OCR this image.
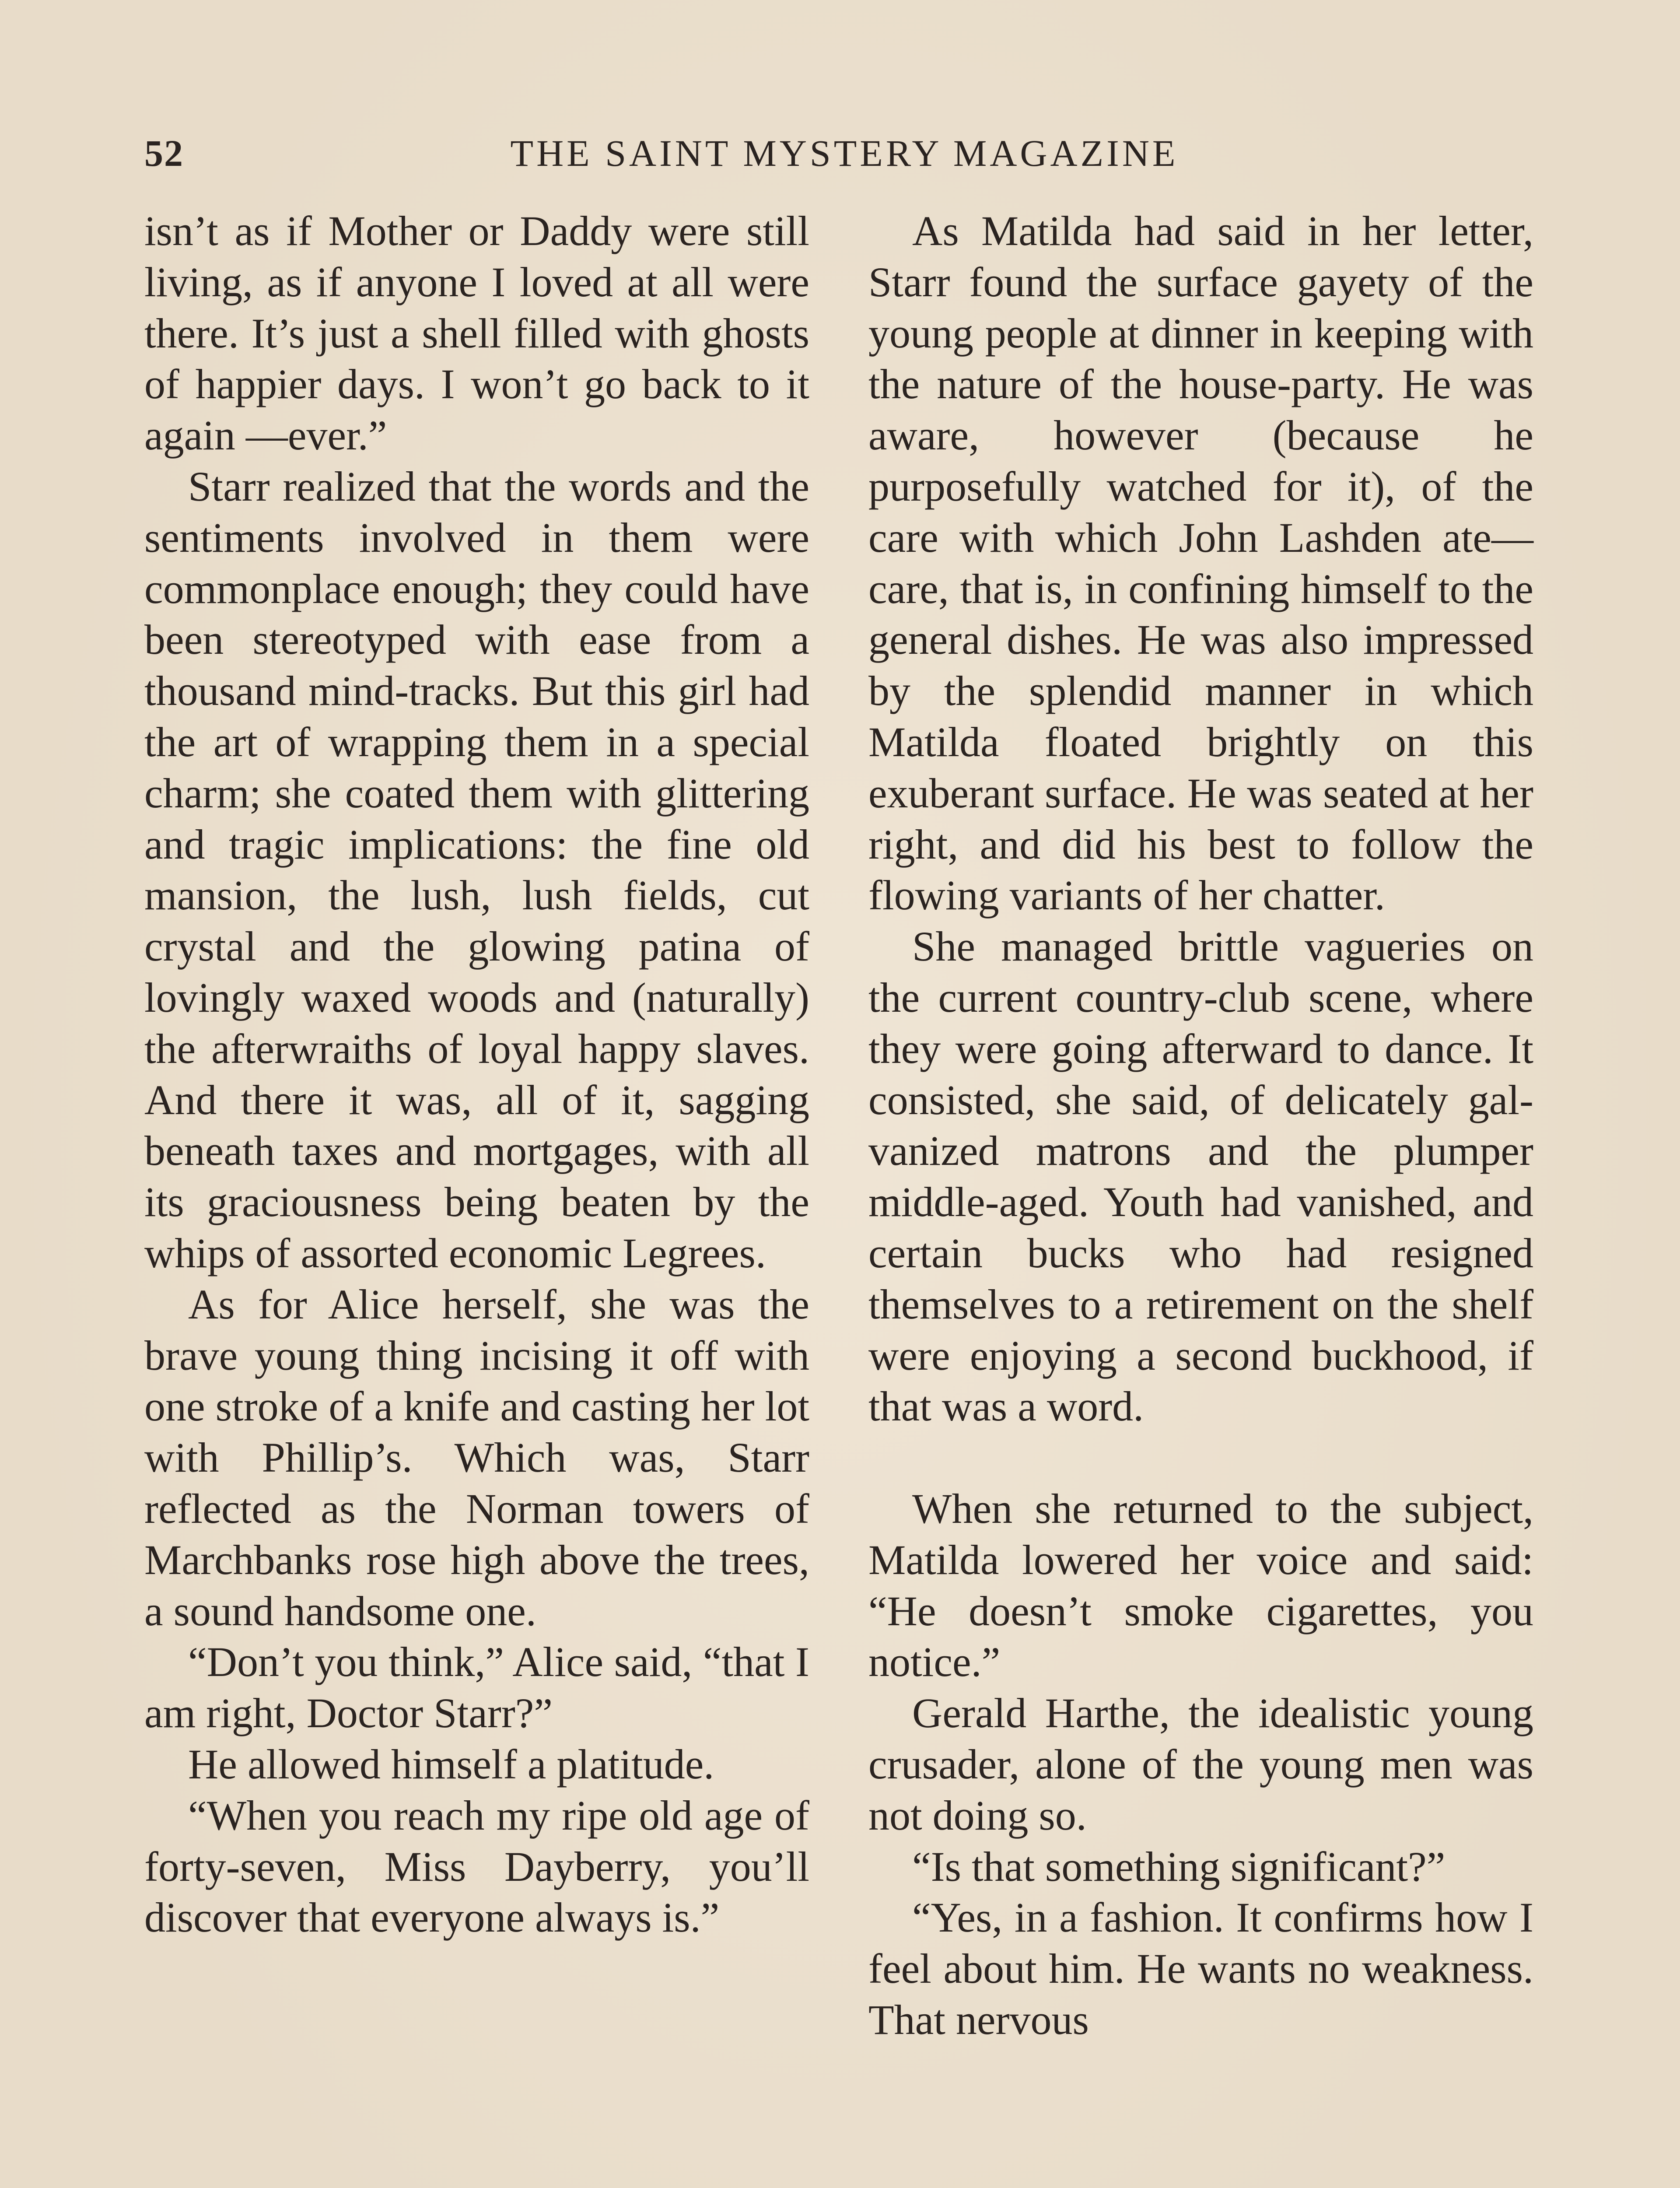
52	THE SAINT MYSTERY MAGAZINE

isn’t as if Mother or Daddy were still living, as if anyone I loved at all were there. It’s just a shell filled with ghosts of happier days. I won’t go back to it again —ever.”

Starr realized that the words and the sentiments involved in them were commonplace enough; they could have been stereotyped with ease from a thousand mind-tracks. But this girl had the art of wrapping them in a special charm; she coated them with glittering and tragic implications: the fine old mansion, the lush, lush fields, cut crystal and the glowing patina of lovingly waxed woods and (naturally) the afterwraiths of loyal happy slaves. And there it was, all of it, sagging beneath taxes and mortgages, with all its graciousness being beaten by the whips of assorted economic Legrees.

As for Alice herself, she was the brave young thing incising it off with one stroke of a knife and casting her lot with Phillip’s. Which was, Starr reflected as the Norman towers of Marchbanks rose high above the trees, a sound handsome one.

“Don’t you think,” Alice said, “that I am right, Doctor Starr?”

He allowed himself a platitude.

“When you reach my ripe old age of forty-seven, Miss Dayberry, you’ll discover that everyone always is.”

As Matilda had said in her letter, Starr found the surface gayety of the young people at dinner in keeping with the nature of the house-party. He was aware, however (because he purposefully watched for it), of the care with which John Lashden ate—care, that is, in confining himself to the general dishes. He was also impressed by the splendid manner in which Matilda floated brightly on this exuberant surface. He was seated at her right, and did his best to follow the flowing variants of her chatter.

She managed brittle vagueries on the current country-club scene, where they were going afterward to dance. It consisted, she said, of delicately galvanized matrons and the plumper middle-aged. Youth had vanished, and certain bucks who had resigned themselves to a retirement on the shelf were enjoying a second buckhood, if that was a word.

When she returned to the subject, Matilda lowered her voice and said: “He doesn’t smoke cigarettes, you notice.”

Gerald Harthe, the idealistic young crusader, alone of the young men was not doing so.

“Is that something significant?”

“Yes, in a fashion. It confirms how I feel about him. He wants no weakness. That nervous
